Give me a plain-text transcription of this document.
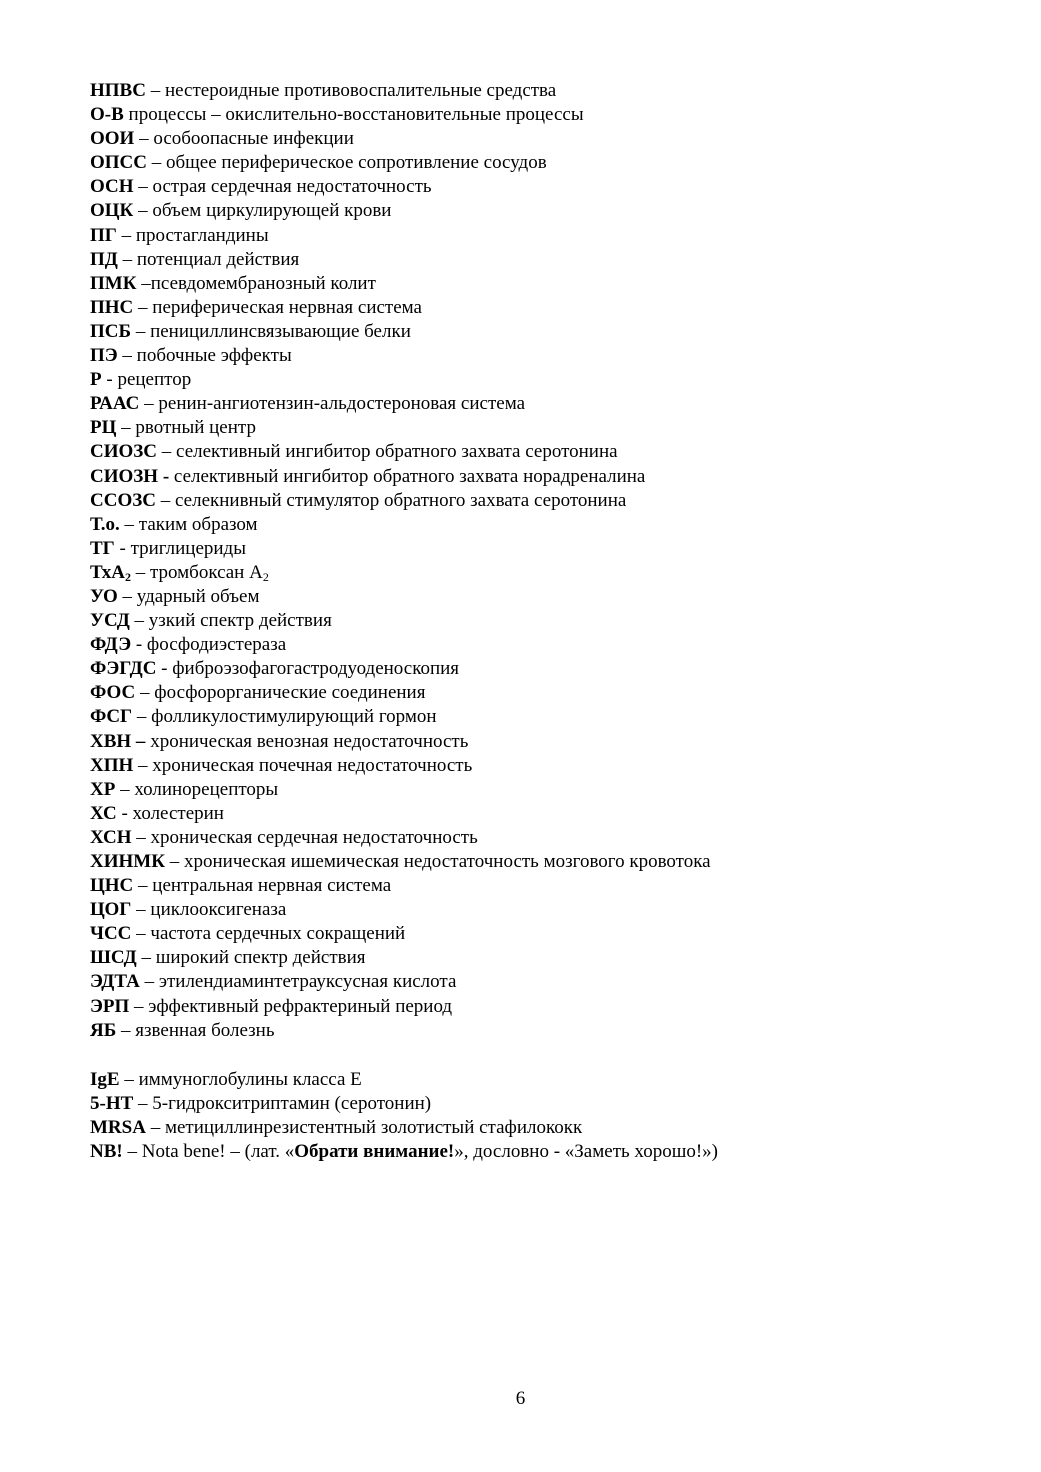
НПВС – нестероидные противовоспалительные средства
О-В процессы – окислительно-восстановительные процессы
ООИ – особоопасные инфекции
ОПСС – общее периферическое сопротивление сосудов
ОСН – острая сердечная недостаточность
ОЦК – объем циркулирующей крови
ПГ – простагландины
ПД – потенциал действия
ПМК –псевдомембранозный колит
ПНС – периферическая нервная система
ПСБ – пенициллинсвязывающие белки
ПЭ – побочные эффекты
Р - рецептор
РААС – ренин-ангиотензин-альдостероновая система
РЦ – рвотный центр
СИОЗС – селективный ингибитор обратного захвата серотонина
СИОЗН - селективный ингибитор обратного захвата норадреналина
ССОЗС – селекнивный стимулятор обратного захвата серотонина
Т.о. – таким образом
ТГ - триглицериды
ТхА$_2$ – тромбоксан $А_2$
УО – ударный объем
УСД – узкий спектр действия
ФДЭ - фосфодиэстераза
ФЭГДС - фиброэзофагогастродуоденоскопия
ФОС – фосфорорганические соединения
ФСГ – фолликулостимулирующий гормон
ХВН – хроническая венозная недостаточность
ХПН – хроническая почечная недостаточность
ХР – холинорецепторы
ХС - холестерин
ХСН – хроническая сердечная недостаточность
ХИНМК – хроническая ишемическая недостаточность мозгового кровотока
ЦНС – центральная нервная система
ЦОГ – циклооксигеназа
ЧСС – частота сердечных сокращений
ШСД – широкий спектр действия
ЭДТА – этилендиаминтетрауксусная кислота
ЭРП – эффективный рефрактериный период
ЯБ – язвенная болезнь
IgE – иммуноглобулины класса Е
5-HT – 5-гидрокситриптамин (серотонин)
MRSA – метициллинрезистентный золотистый стафилококк
NB! – Nota bene! – (лат. «Обрати внимание!», дословно - «Заметь хорошо!»)
6
